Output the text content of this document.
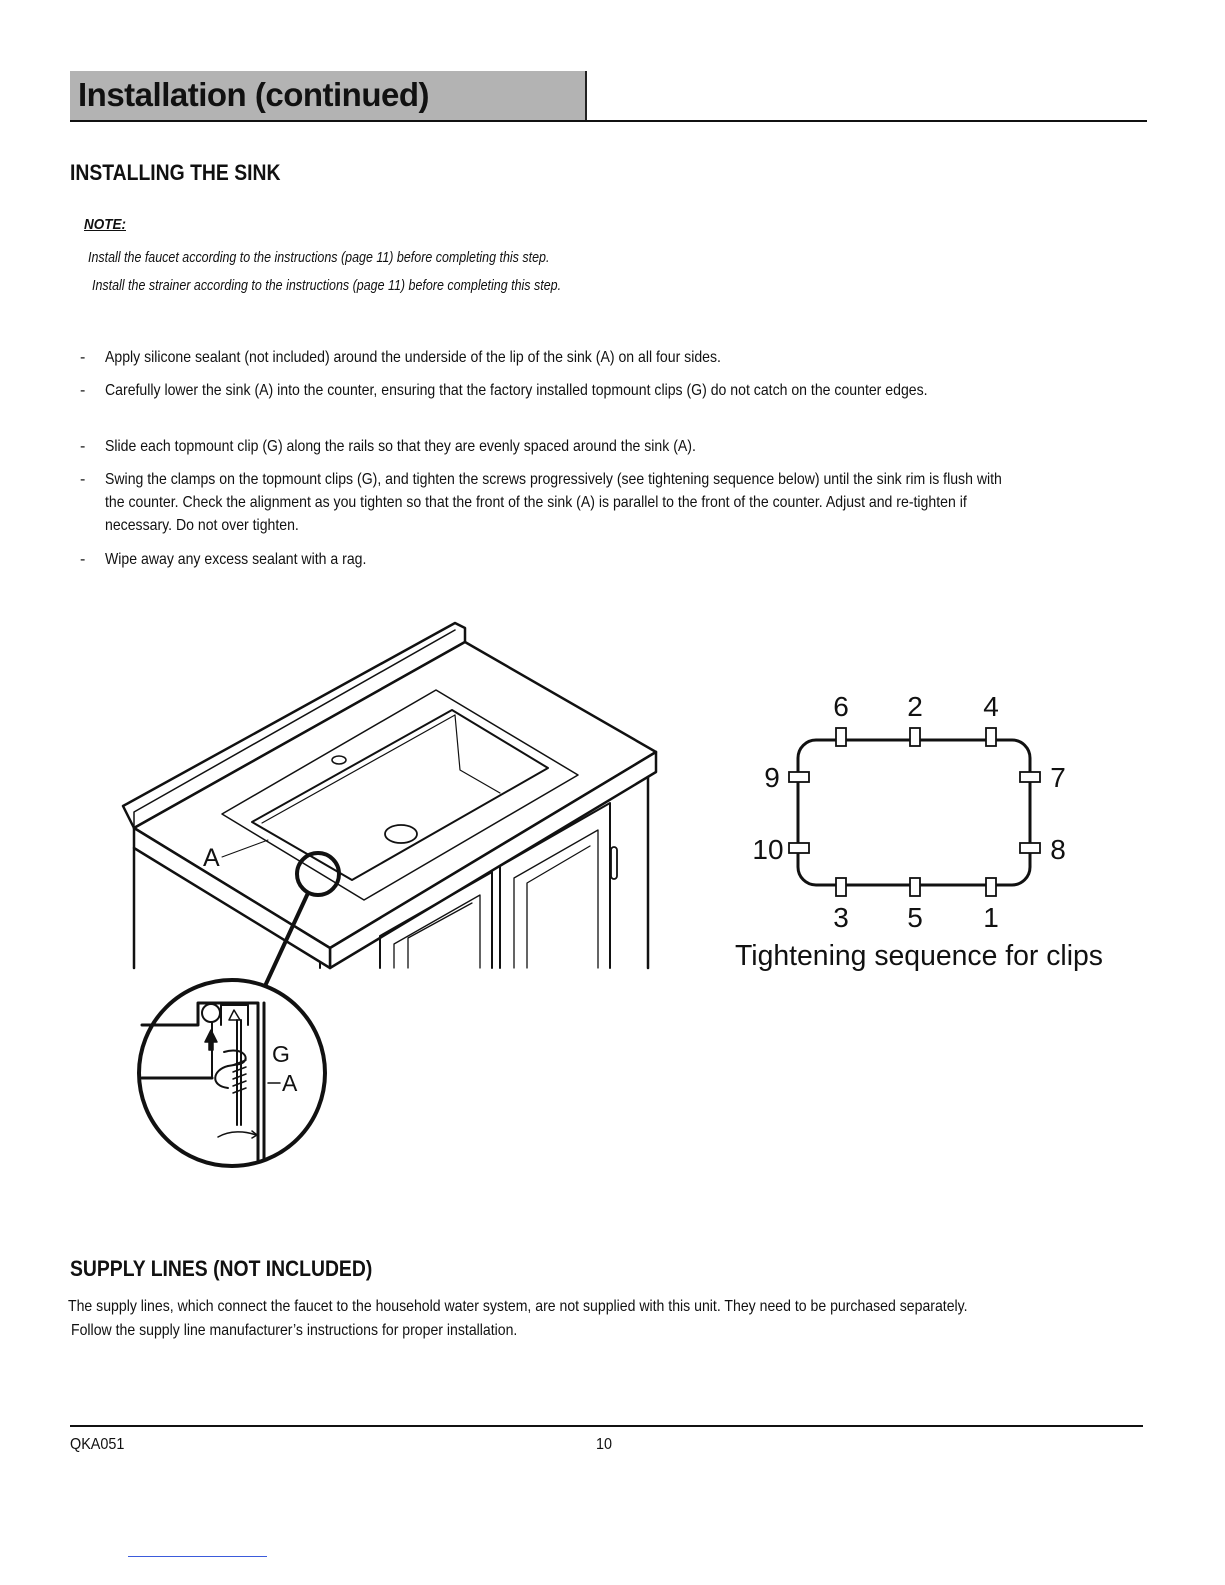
Installation (continued)
INSTALLING THE SINK
NOTE:
Install the faucet according to the instructions (page 11) before completing this step.
Install the strainer according to the instructions (page 11) before completing this step.
- Apply silicone sealant (not included) around the underside of the lip of the sink (A) on all four sides.
- Carefully lower the sink (A) into the counter, ensuring that the factory installed topmount clips (G) do not catch on the counter edges.
- Slide each topmount clip (G) along the rails so that they are evenly spaced around the sink (A).
- Swing the clamps on the topmount clips (G), and tighten the screws progressively (see tightening sequence below) until the sink rim is flush with the counter. Check the alignment as you tighten so that the front of the sink (A) is parallel to the front of the counter. Adjust and re-tighten if necessary. Do not over tighten.
- Wipe away any excess sealant with a rag.
A
G
A
6 2 4
3 5 1
9
10
7
8
Tightening sequence for clips
SUPPLY LINES (NOT INCLUDED)
The supply lines, which connect the faucet to the household water system, are not supplied with this unit. They need to be purchased separately.
Follow the supply line manufacturer’s instructions for proper installation.
QKA051	10
